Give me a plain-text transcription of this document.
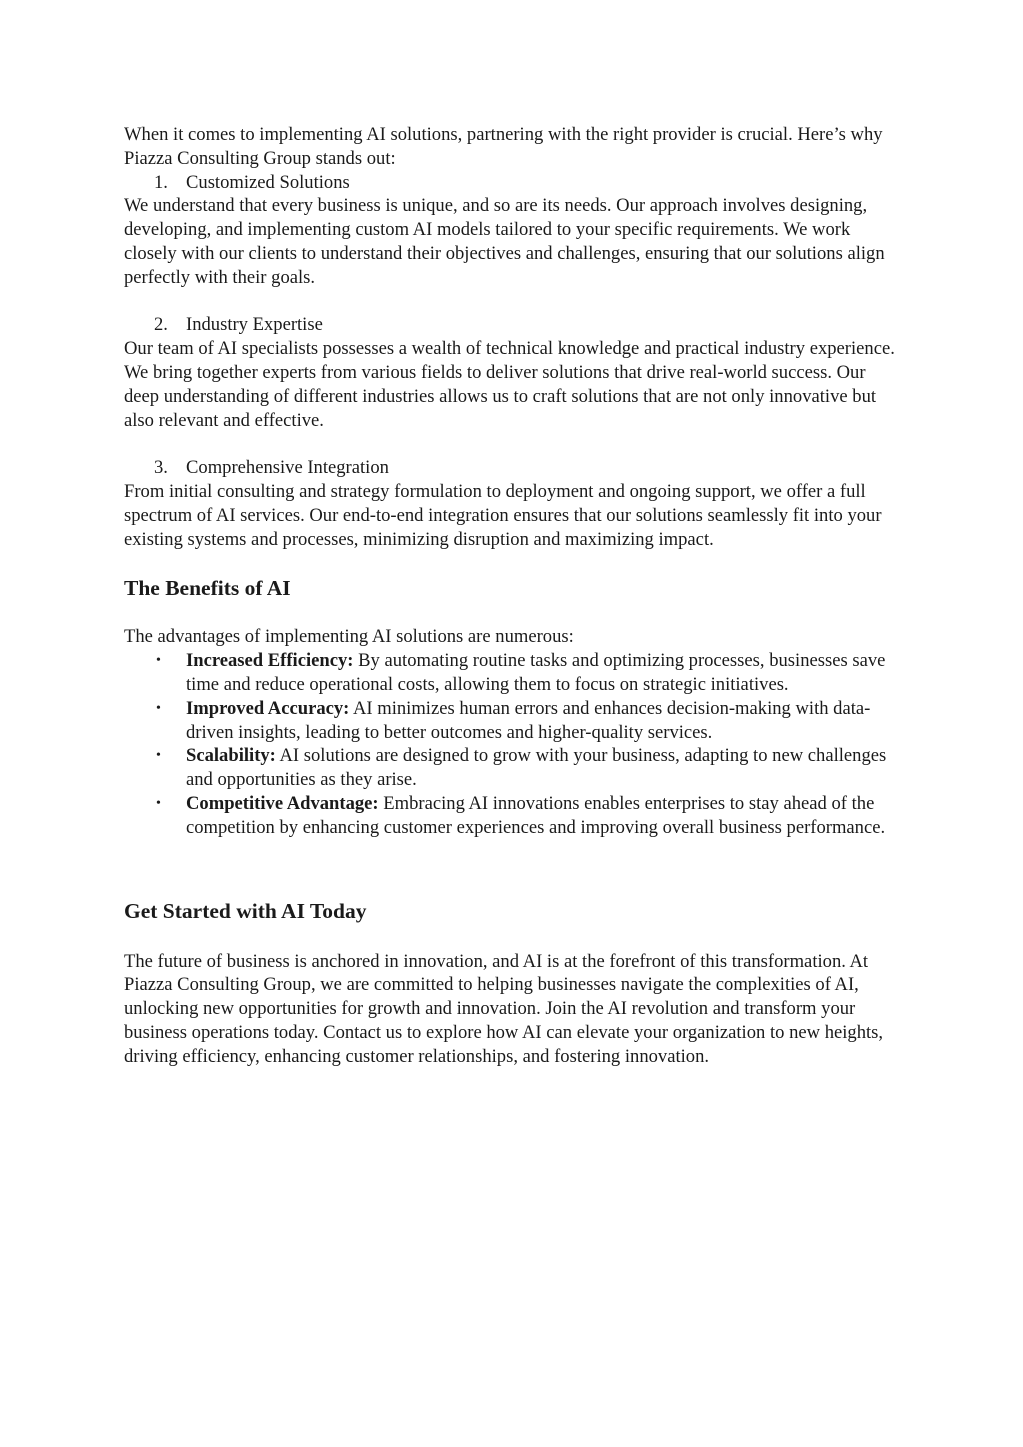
When it comes to implementing AI solutions, partnering with the right provider is crucial. Here’s why Piazza Consulting Group stands out:

1. Customized Solutions

We understand that every business is unique, and so are its needs. Our approach involves designing, developing, and implementing custom AI models tailored to your specific requirements. We work closely with our clients to understand their objectives and challenges, ensuring that our solutions align perfectly with their goals.

2. Industry Expertise

Our team of AI specialists possesses a wealth of technical knowledge and practical industry experience. We bring together experts from various fields to deliver solutions that drive real-world success. Our deep understanding of different industries allows us to craft solutions that are not only innovative but also relevant and effective.

3. Comprehensive Integration

From initial consulting and strategy formulation to deployment and ongoing support, we offer a full spectrum of AI services. Our end-to-end integration ensures that our solutions seamlessly fit into your existing systems and processes, minimizing disruption and maximizing impact.

The Benefits of AI

The advantages of implementing AI solutions are numerous:

• Increased Efficiency: By automating routine tasks and optimizing processes, businesses save time and reduce operational costs, allowing them to focus on strategic initiatives.
• Improved Accuracy: AI minimizes human errors and enhances decision-making with data-driven insights, leading to better outcomes and higher-quality services.
• Scalability: AI solutions are designed to grow with your business, adapting to new challenges and opportunities as they arise.
• Competitive Advantage: Embracing AI innovations enables enterprises to stay ahead of the competition by enhancing customer experiences and improving overall business performance.
Get Started with AI Today

The future of business is anchored in innovation, and AI is at the forefront of this transformation. At Piazza Consulting Group, we are committed to helping businesses navigate the complexities of AI, unlocking new opportunities for growth and innovation. Join the AI revolution and transform your business operations today. Contact us to explore how AI can elevate your organization to new heights, driving efficiency, enhancing customer relationships, and fostering innovation.
